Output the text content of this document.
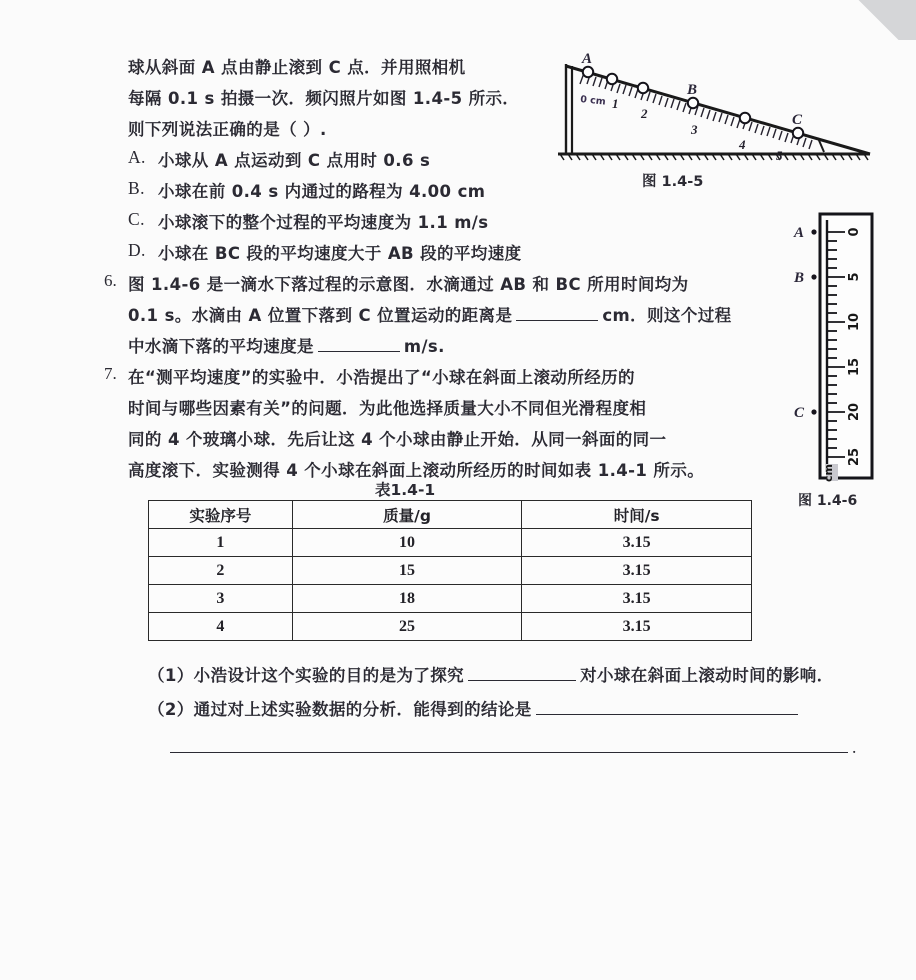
球从斜面 A 点由静止滚到 C 点．并用照相机
每隔 0.1 s 拍摄一次．频闪照片如图 1.4-5 所示．
则下列说法正确的是（ ）.
A. 小球从 A 点运动到 C 点用时 0.6 s
B. 小球在前 0.4 s 内通过的路程为 4.00 cm
C. 小球滚下的整个过程的平均速度为 1.1 m/s
D. 小球在 BC 段的平均速度大于 AB 段的平均速度
6. 图 1.4-6 是一滴水下落过程的示意图．水滴通过 AB 和 BC 所用时间均为
0.1 s。水滴由 A 位置下落到 C 位置运动的距离是	cm．则这个过程
中水滴下落的平均速度是	m/s.
7. 在“测平均速度”的实验中．小浩提出了“小球在斜面上滚动所经历的
时间与哪些因素有关”的问题．为此他选择质量大小不同但光滑程度相
同的 4 个玻璃小球．先后让这 4 个小球由静止开始．从同一斜面的同一
高度滚下．实验测得 4 个小球在斜面上滚动所经历的时间如表 1.4-1 所示。
表1.4-1
实验序号	质量/g	时间/s
1	10	3.15
2	15	3.15
3	18	3.15
4	25	3.15
（1）小浩设计这个实验的目的是为了探究	对小球在斜面上滚动时间的影响．
（2）通过对上述实验数据的分析．能得到的结论是
.
A
B
C
0 cm 1
2
3
4
5
图 1.4-5
0
5
10
15
20
25
cm
A
B
C
图 1.4-6
